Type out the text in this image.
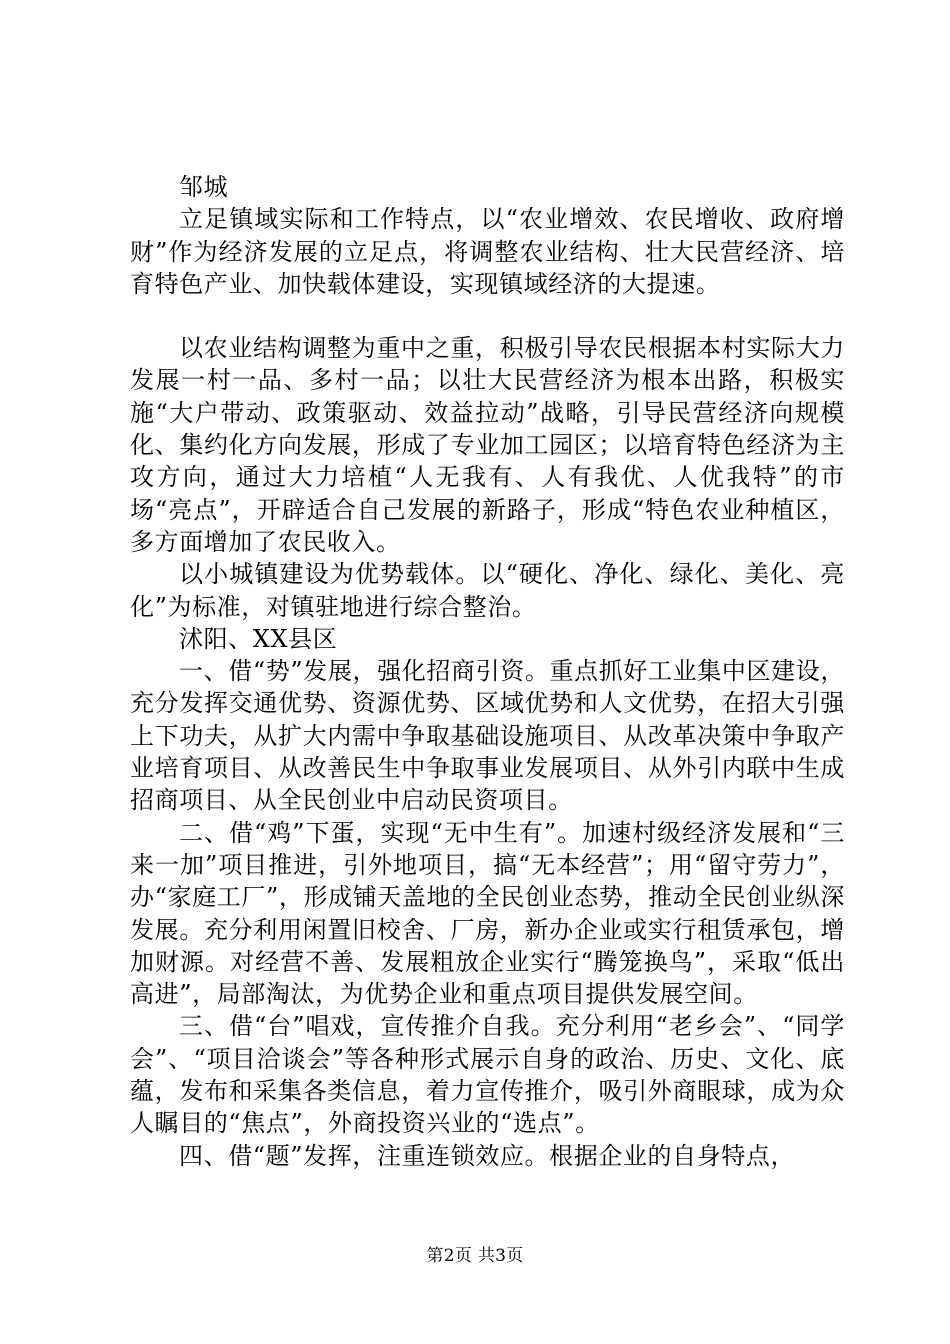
邹城

立足镇域实际和工作特点，以“农业增效、农民增收、政府增财”作为经济发展的立足点，将调整农业结构、壮大民营经济、培育特色产业、加快载体建设，实现镇域经济的大提速。

以农业结构调整为重中之重，积极引导农民根据本村实际大力发展一村一品、多村一品；以壮大民营经济为根本出路，积极实施“大户带动、政策驱动、效益拉动”战略，引导民营经济向规模化、集约化方向发展，形成了专业加工园区；以培育特色经济为主攻方向，通过大力培植“人无我有、人有我优、人优我特”的市场“亮点”，开辟适合自己发展的新路子，形成“特色农业种植区，多方面增加了农民收入。

以小城镇建设为优势载体。以“硬化、净化、绿化、美化、亮化”为标准，对镇驻地进行综合整治。

沭阳、XX县区

一、借“势”发展，强化招商引资。重点抓好工业集中区建设，充分发挥交通优势、资源优势、区域优势和人文优势，在招大引强上下功夫，从扩大内需中争取基础设施项目、从改革决策中争取产业培育项目、从改善民生中争取事业发展项目、从外引内联中生成招商项目、从全民创业中启动民资项目。

二、借“鸡”下蛋，实现“无中生有”。加速村级经济发展和“三来一加”项目推进，引外地项目，搞“无本经营”；用“留守劳力”，办“家庭工厂”，形成铺天盖地的全民创业态势，推动全民创业纵深发展。充分利用闲置旧校舍、厂房，新办企业或实行租赁承包，增加财源。对经营不善、发展粗放企业实行“腾笼换鸟”，采取“低出高进”，局部淘汰，为优势企业和重点项目提供发展空间。

三、借“台”唱戏，宣传推介自我。充分利用“老乡会”、“同学会”、“项目洽谈会”等各种形式展示自身的政治、历史、文化、底蕴，发布和采集各类信息，着力宣传推介，吸引外商眼球，成为众人瞩目的“焦点”，外商投资兴业的“选点”。

四、借“题”发挥，注重连锁效应。根据企业的自身特点，

第2页 共3页
